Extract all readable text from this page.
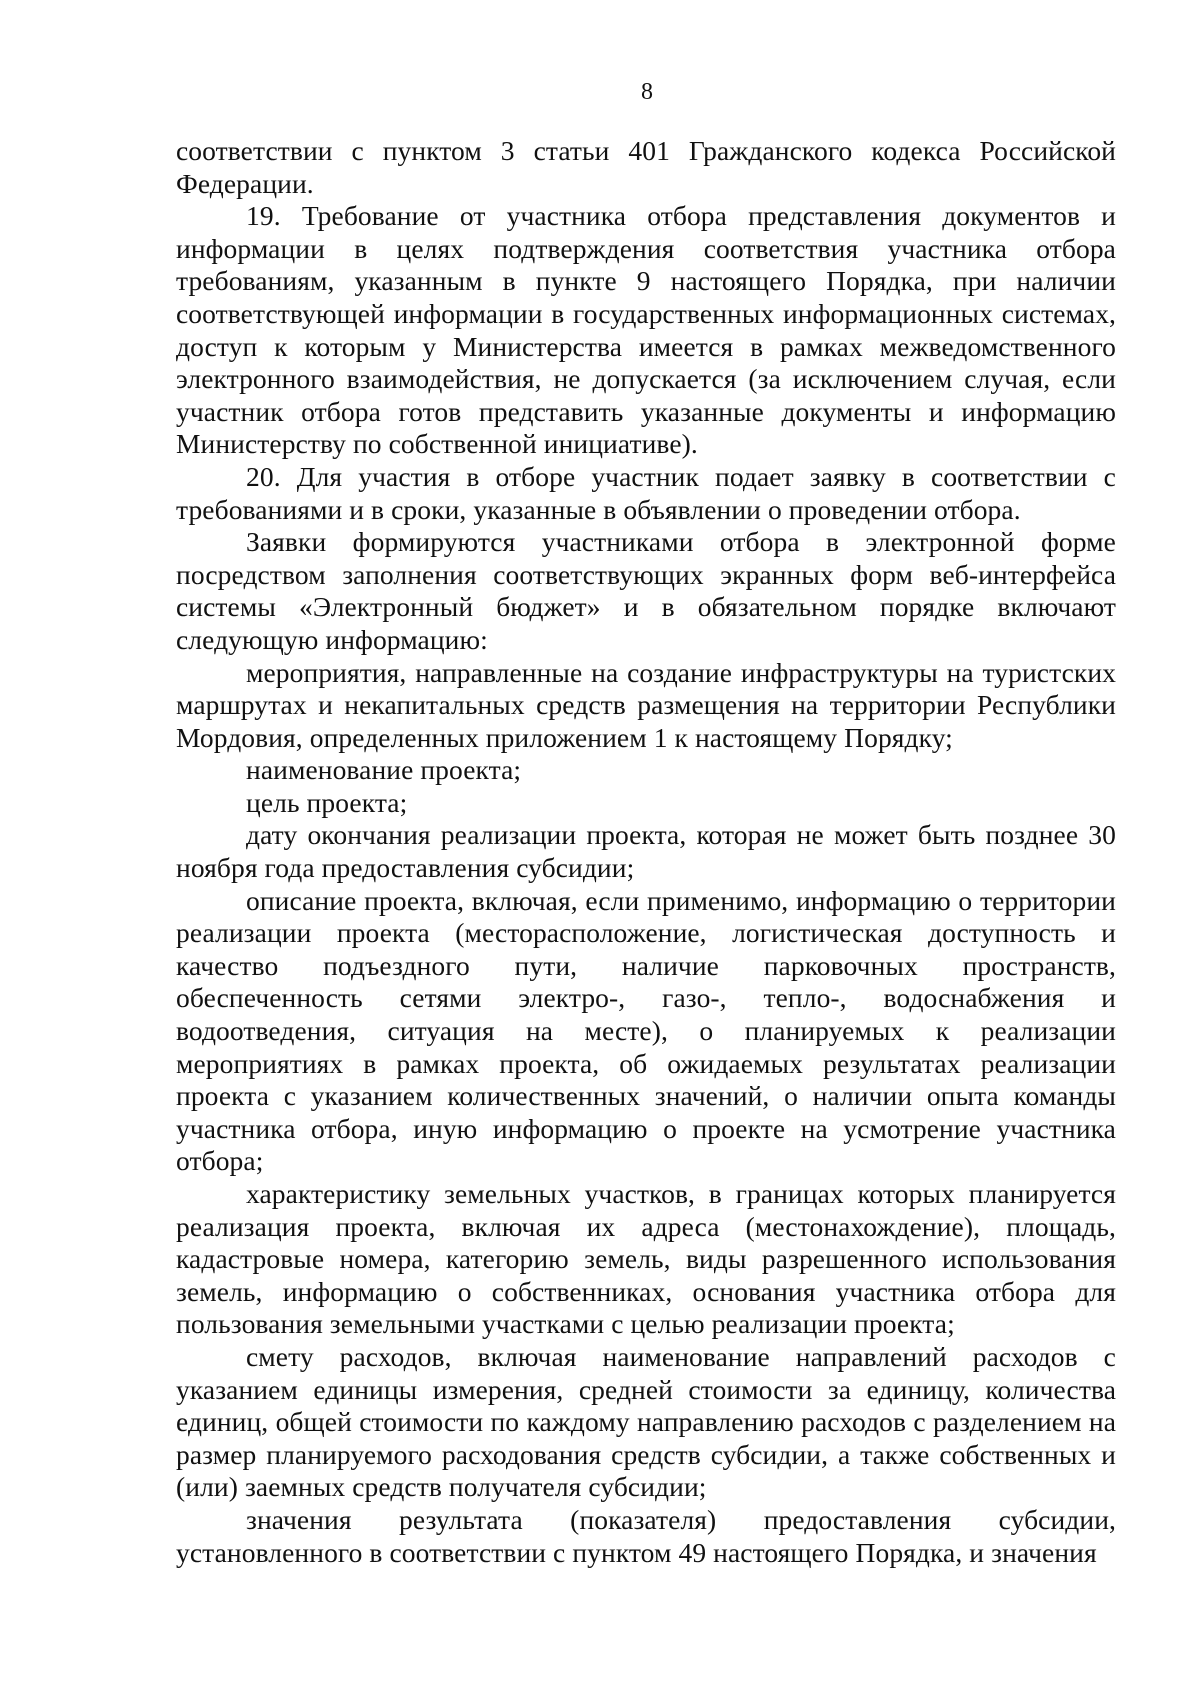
8

соответствии с пунктом 3 статьи 401 Гражданского кодекса Российской Федерации.

19. Требование от участника отбора представления документов и информации в целях подтверждения соответствия участника отбора требованиям, указанным в пункте 9 настоящего Порядка, при наличии соответствующей информации в государственных информационных системах, доступ к которым у Министерства имеется в рамках межведомственного электронного взаимодействия, не допускается (за исключением случая, если участник отбора готов представить указанные документы и информацию Министерству по собственной инициативе).

20. Для участия в отборе участник подает заявку в соответствии с требованиями и в сроки, указанные в объявлении о проведении отбора.

Заявки формируются участниками отбора в электронной форме посредством заполнения соответствующих экранных форм веб-интерфейса системы «Электронный бюджет» и в обязательном порядке включают следующую информацию:

мероприятия, направленные на создание инфраструктуры на туристских маршрутах и некапитальных средств размещения на территории Республики Мордовия, определенных приложением 1 к настоящему Порядку;

наименование проекта;

цель проекта;

дату окончания реализации проекта, которая не может быть позднее 30 ноября года предоставления субсидии;

описание проекта, включая, если применимо, информацию о территории реализации проекта (месторасположение, логистическая доступность и качество подъездного пути, наличие парковочных пространств, обеспеченность сетями электро-, газо-, тепло-, водоснабжения и водоотведения, ситуация на месте), о планируемых к реализации мероприятиях в рамках проекта, об ожидаемых результатах реализации проекта с указанием количественных значений, о наличии опыта команды участника отбора, иную информацию о проекте на усмотрение участника отбора;

характеристику земельных участков, в границах которых планируется реализация проекта, включая их адреса (местонахождение), площадь, кадастровые номера, категорию земель, виды разрешенного использования земель, информацию о собственниках, основания участника отбора для пользования земельными участками с целью реализации проекта;

смету расходов, включая наименование направлений расходов с указанием единицы измерения, средней стоимости за единицу, количества единиц, общей стоимости по каждому направлению расходов с разделением на размер планируемого расходования средств субсидии, а также собственных и (или) заемных средств получателя субсидии;

значения результата (показателя) предоставления субсидии, установленного в соответствии с пунктом 49 настоящего Порядка, и значения
